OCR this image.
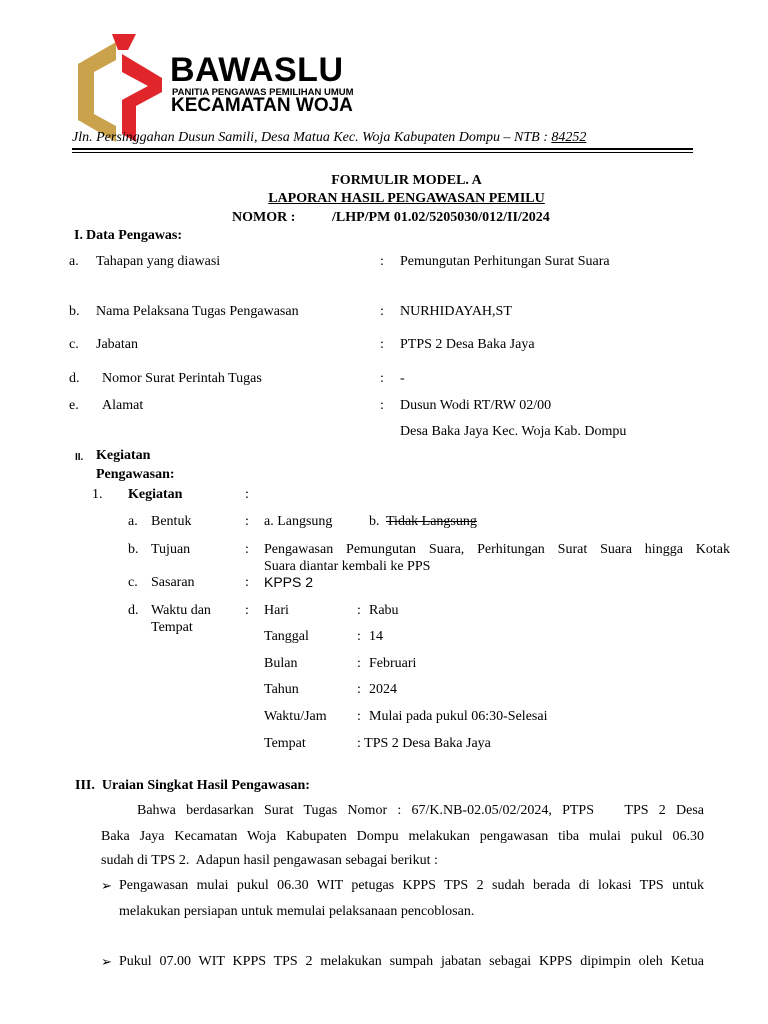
BAWASLU
PANITIA PENGAWAS PEMILIHAN UMUM
KECAMATAN WOJA
Jln. Persinggahan Dusun Samili, Desa Matua Kec. Woja Kabupaten Dompu – NTB : 84252
FORMULIR MODEL. A
LAPORAN HASIL PENGAWASAN PEMILU
NOMOR :	/LHP/PM 01.02/5205030/012/II/2024
I. Data Pengawas:
a. Tahapan yang diawasi	: Pemungutan Perhitungan Surat Suara
b. Nama Pelaksana Tugas Pengawasan	: NURHIDAYAH,ST
c. Jabatan	: PTPS 2 Desa Baka Jaya
d. Nomor Surat Perintah Tugas	: -
e. Alamat	: Dusun Wodi RT/RW 02/00
Desa Baka Jaya Kec. Woja Kab. Dompu
II. Kegiatan
Pengawasan:
1. Kegiatan	:
a. Bentuk	: a. Langsung	b. Tidak Langsung
b. Tujuan	: Pengawasan Pemungutan Suara, Perhitungan Surat Suara hingga Kotak
Suara diantar kembali ke PPS
c. Sasaran	: KPPS 2
d. Waktu dan
Tempat
: Hari	: Rabu
Tanggal	: 14
Bulan	: Februari
Tahun	: 2024
Waktu/Jam : Mulai pada pukul 06:30-Selesai
Tempat	: TPS 2 Desa Baka Jaya
III.  Uraian Singkat Hasil Pengawasan:
Bahwa berdasarkan Surat Tugas Nomor : 67/K.NB-02.05/02/2024, PTPS   TPS 2 Desa
Baka Jaya Kecamatan Woja Kabupaten Dompu melakukan pengawasan tiba mulai pukul 06.30
sudah di TPS 2.  Adapun hasil pengawasan sebagai berikut :
➢ Pengawasan mulai pukul 06.30 WIT petugas KPPS TPS 2 sudah berada di lokasi TPS untuk
melakukan persiapan untuk memulai pelaksanaan pencoblosan.
➢ Pukul 07.00 WIT KPPS TPS 2 melakukan sumpah jabatan sebagai KPPS dipimpin oleh Ketua
